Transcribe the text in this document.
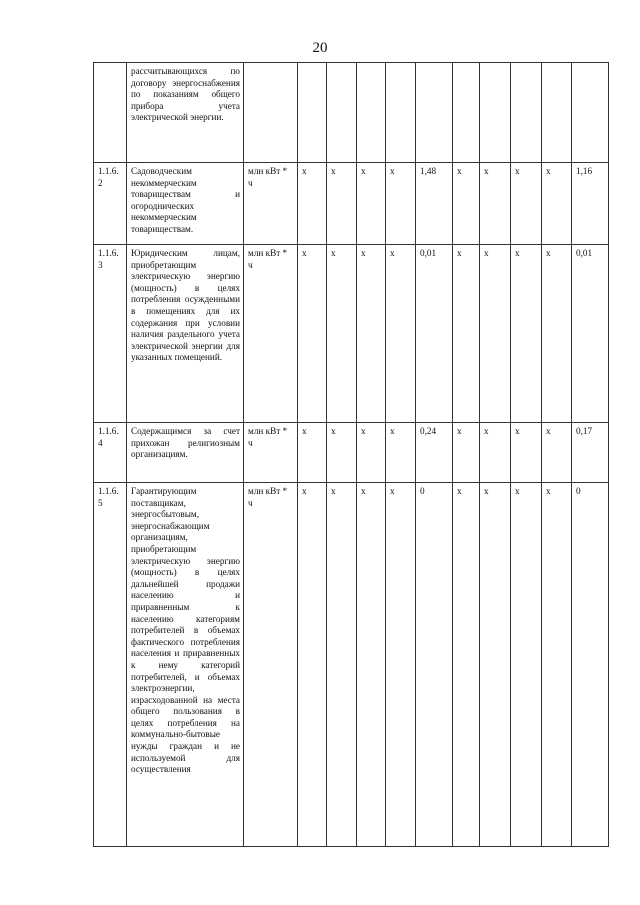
20
	рассчитывающихся по договору энергоснабжения по показаниям общего прибора учета электрической энергии.											
1.1.6. 2	Садоводческим некоммерческим товариществам и огороднических некоммерческим товариществам.	млн кВт * ч	х	х	х	х	1,48	х	х	х	х	1,16
1.1.6. 3	Юридическим лицам, приобретающим электрическую энергию (мощность) в целях потребления осужденными в помещениях для их содержания при условии наличия раздельного учета электрической энергии для указанных помещений.	млн кВт * ч	х	х	х	х	0,01	х	х	х	х	0,01
1.1.6. 4	Содержащимся за счет прихожан религиозным организациям.	млн кВт * ч	х	х	х	х	0,24	х	х	х	х	0,17
1.1.6. 5	Гарантирующим поставщикам, энергосбытовым, энергоснабжающим организациям, приобретающим электрическую энергию (мощность) в целях дальнейшей продажи населению и приравненным к населению категориям потребителей в объемах фактического потребления населения и приравненных к нему категорий потребителей, и объемах электроэнергии, израсходованной на места общего пользования в целях потребления на коммунально-бытовые нужды граждан и не используемой для осуществления	млн кВт * ч	х	х	х	х	0	х	х	х	х	0
